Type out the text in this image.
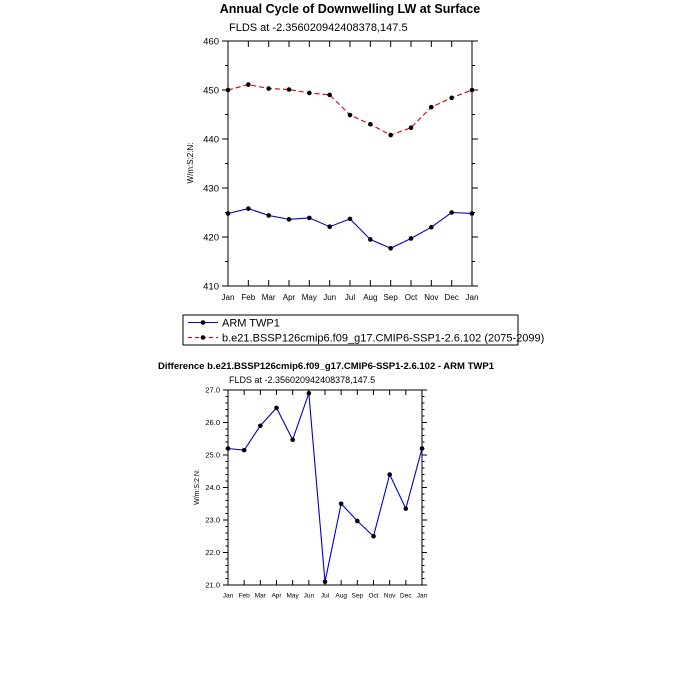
Annual Cycle of Downwelling LW at Surface
FLDS at -2.356020942408378,147.5
W/m:S:2:N:
Jan Feb Mar Apr May Jun Jul Aug Sep Oct Nov Dec Jan
410
420
430
440
450
460
ARM TWP1
b.e21.BSSP126cmip6.f09_g17.CMIP6-SSP1-2.6.102 (2075-2099)
Difference b.e21.BSSP126cmip6.f09_g17.CMIP6-SSP1-2.6.102 - ARM TWP1
FLDS at -2.356020942408378,147.5
W/m:S:2:N:
Jan Feb Mar Apr May Jun Jul Aug Sep Oct Nov Dec Jan
21.0
22.0
23.0
24.0
25.0
26.0
27.0
